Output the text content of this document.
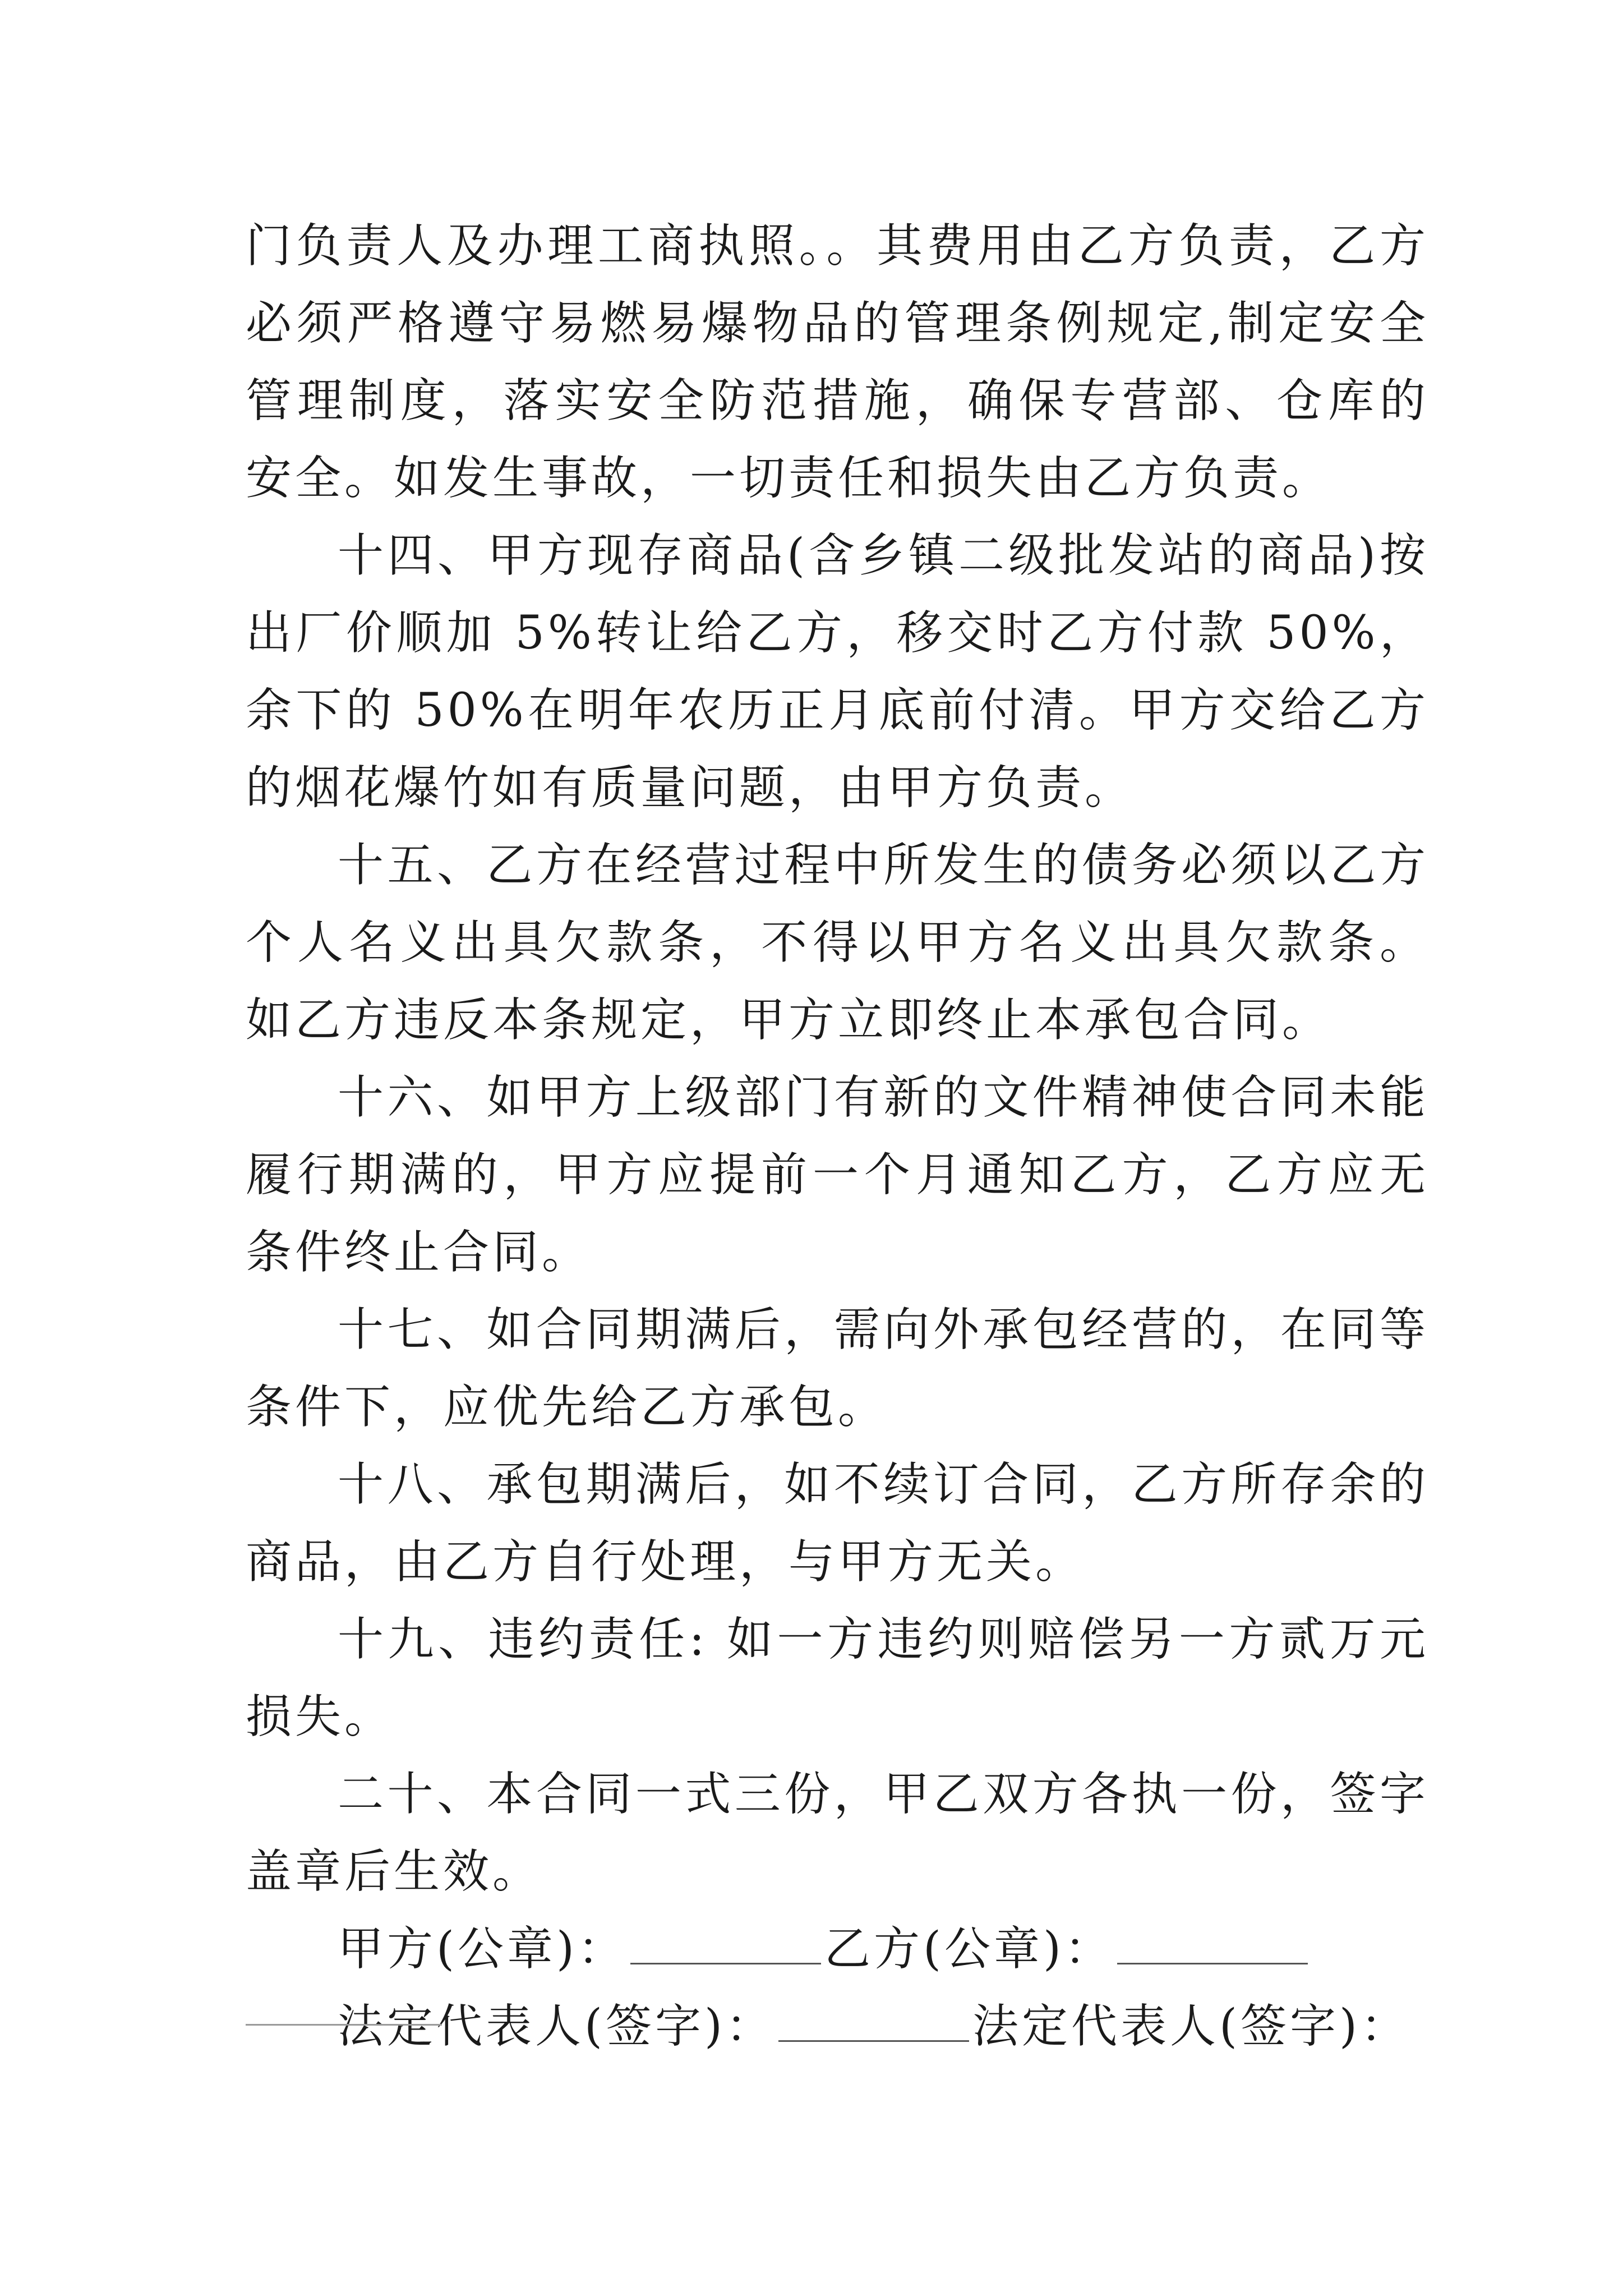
门负责人及办理工商执照。。其费用由乙方负责，乙方必须严格遵守易燃易爆物品的管理条例规定,制定安全管理制度，落实安全防范措施，确保专营部、仓库的安全。如发生事故，一切责任和损失由乙方负责。

十四、甲方现存商品(含乡镇二级批发站的商品)按出厂价顺加 5%转让给乙方，移交时乙方付款 50%，余下的 50%在明年农历正月底前付清。甲方交给乙方的烟花爆竹如有质量问题，由甲方负责。

十五、乙方在经营过程中所发生的债务必须以乙方个人名义出具欠款条，不得以甲方名义出具欠款条。如乙方违反本条规定，甲方立即终止本承包合同。

十六、如甲方上级部门有新的文件精神使合同未能履行期满的，甲方应提前一个月通知乙方，乙方应无条件终止合同。

十七、如合同期满后，需向外承包经营的，在同等条件下，应优先给乙方承包。

十八、承包期满后，如不续订合同，乙方所存余的商品，由乙方自行处理，与甲方无关。

十九、违约责任: 如一方违约则赔偿另一方贰万元损失。

二十、本合同一式三份，甲乙双方各执一份，签字盖章后生效。

甲方(公章)：	乙方(公章)：
法定代表人(签字)：	法定代表人(签字)：
